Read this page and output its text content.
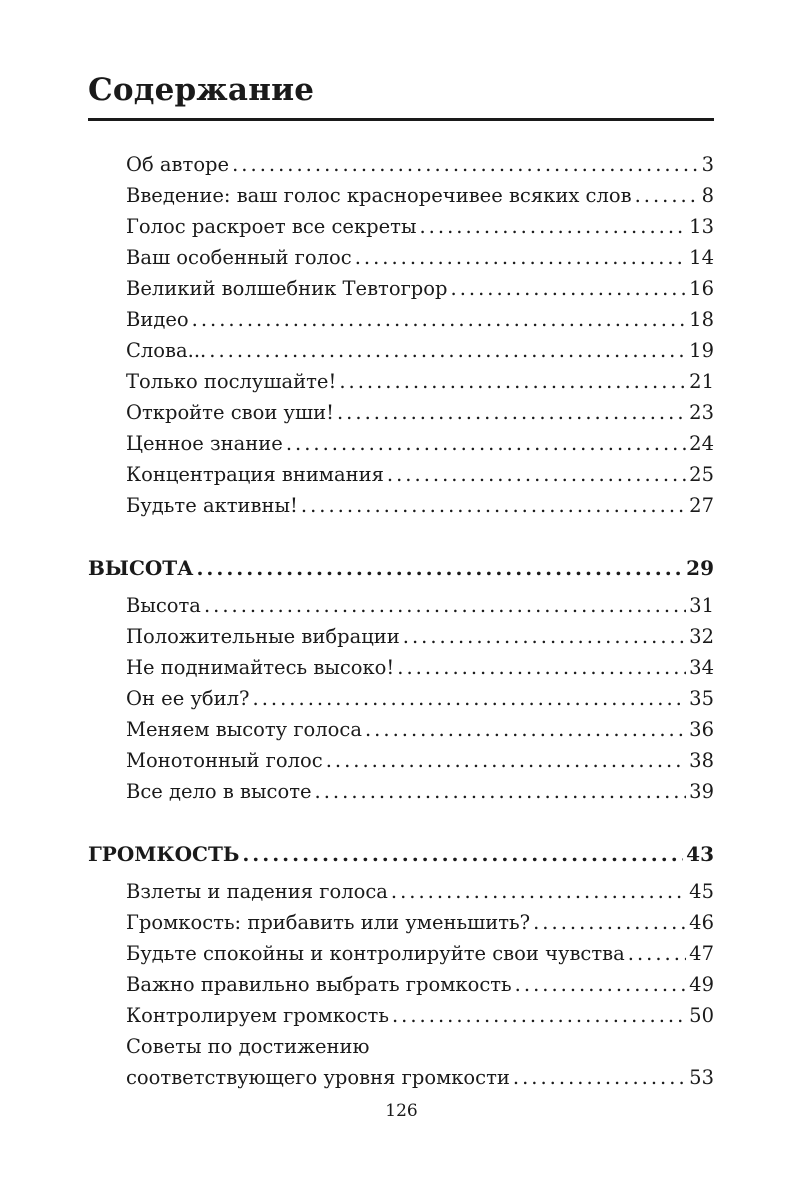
Содержание
Об авторе .....	3
Введение: ваш голос красноречивее всяких слов .....	8
Голос раскроет все секреты .....	13
Ваш особенный голос .....	14
Великий волшебник Тевтогрор .....	16
Видео .....	18
Слова... .....	19
Только послушайте! .....	21
Откройте свои уши! .....	23
Ценное знание .....	24
Концентрация внимания .....	25
Будьте активны! .....	27
ВЫСОТА .....	29
Высота .....	31
Положительные вибрации .....	32
Не поднимайтесь высоко! .....	34
Он ее убил? .....	35
Меняем высоту голоса .....	36
Монотонный голос .....	38
Все дело в высоте .....	39
ГРОМКОСТЬ .....	43
Взлеты и падения голоса .....	45
Громкость: прибавить или уменьшить? .....	46
Будьте спокойны и контролируйте свои чувства .....	47
Важно правильно выбрать громкость .....	49
Контролируем громкость .....	50
Советы по достижению
соответствующего уровня громкости .....	53
126
